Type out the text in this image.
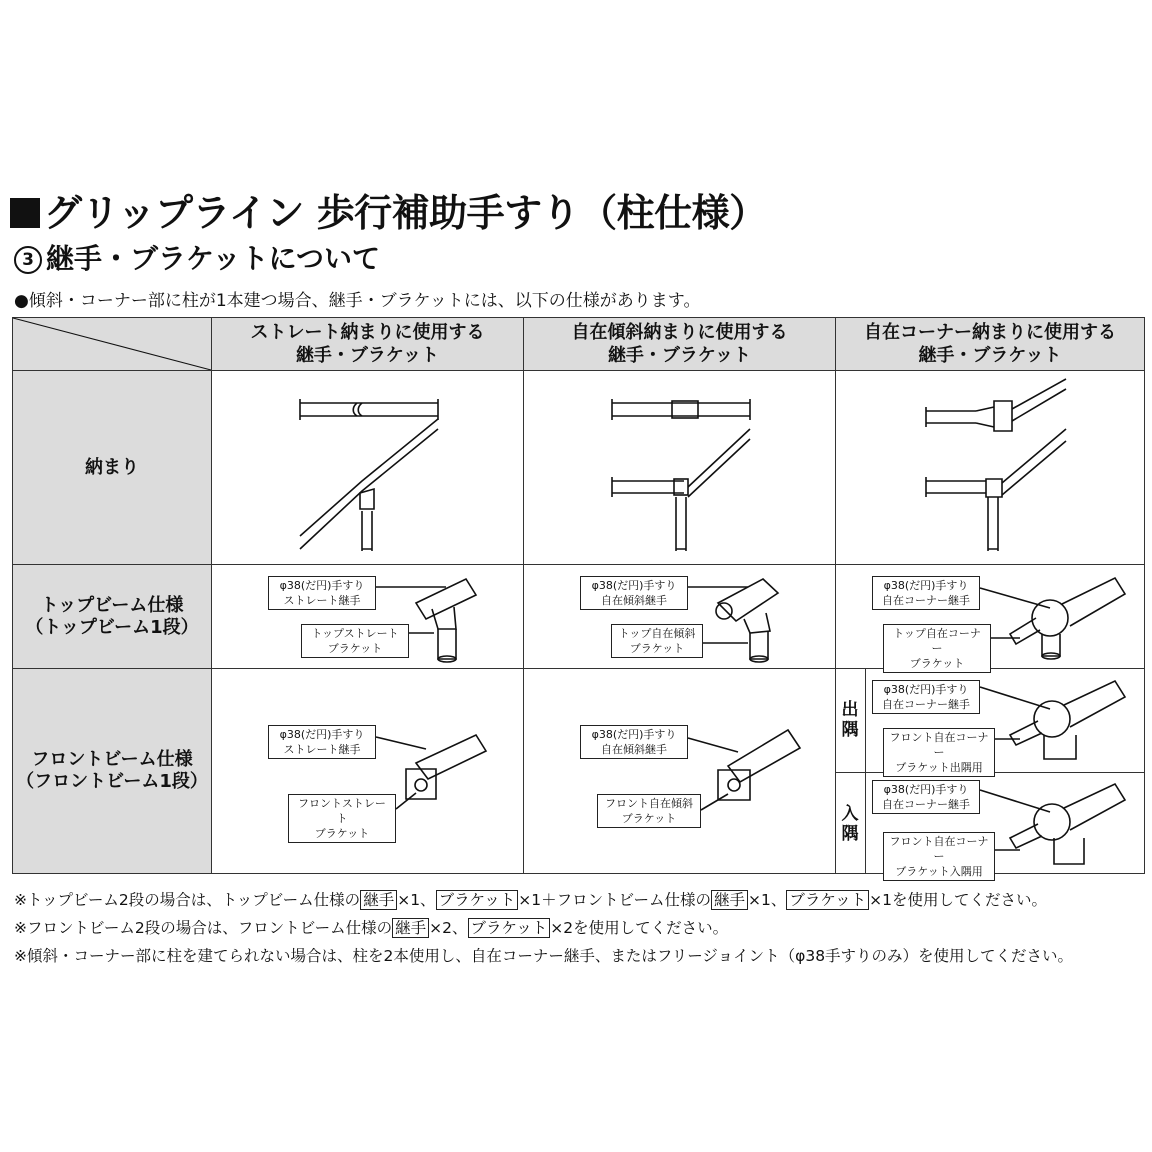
グリップライン 歩行補助手すり（柱仕様）
3 継手・ブラケットについて
●傾斜・コーナー部に柱が1本建つ場合、継手・ブラケットには、以下の仕様があります。
ストレート納まりに使用する
継手・ブラケット
自在傾斜納まりに使用する
継手・ブラケット
自在コーナー納まりに使用する
継手・ブラケット
納まり
トップビーム仕様
（トップビーム1段）
フロントビーム仕様
（フロントビーム1段）
出
隅
入
隅
φ38(だ円)手すり
ストレート継手
トップストレート
ブラケット
φ38(だ円)手すり
自在傾斜継手
トップ自在傾斜
ブラケット
φ38(だ円)手すり
自在コーナー継手
トップ自在コーナー
ブラケット
φ38(だ円)手すり
ストレート継手
フロントストレート
ブラケット
φ38(だ円)手すり
自在傾斜継手
フロント自在傾斜
ブラケット
φ38(だ円)手すり
自在コーナー継手
フロント自在コーナー
ブラケット出隅用
φ38(だ円)手すり
自在コーナー継手
フロント自在コーナー
ブラケット入隅用
※トップビーム2段の場合は、トップビーム仕様の 継手 ×1、 ブラケット ×1＋フロントビーム仕様の 継手 ×1、 ブラケット ×1を使用してください。
※フロントビーム2段の場合は、フロントビーム仕様の 継手 ×2、 ブラケット ×2を使用してください。
※傾斜・コーナー部に柱を建てられない場合は、柱を2本使用し、自在コーナー継手、またはフリージョイント（φ38手すりのみ）を使用してください。
